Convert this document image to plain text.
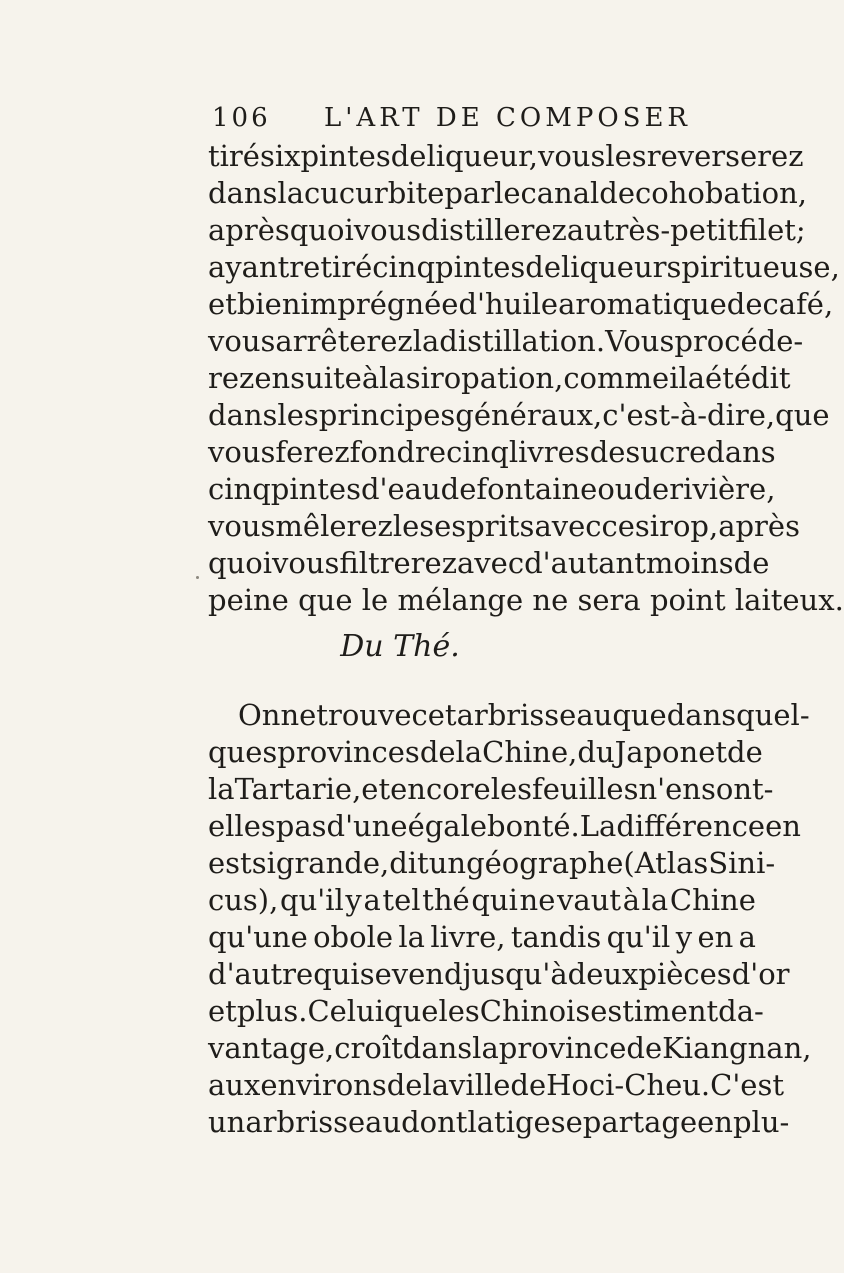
106 L'ART DE COMPOSER
tiré six pintes de liqueur, vous les reverserez
dans la cucurbite par le canal de cohobation ,
après quoi vous distillerez au très-petit filet;
ayant retiré cinq pintes de liqueur spiritueuse,
et bien imprégnée d'huile aromatique de café ,
vous arrêterez la distillation. Vous procéde-
rez ensuite à la siropation, comme il a été dit
dans les principes généraux, c'est-à-dire, que
vous ferez fondre cinq livres de sucre dans
cinq pintes d'eau de fontaine ou de rivière ,
vous mêlerez les esprits avec ce sirop, après
quoi vous filtrerez avec d'autant moins de
peine que le mélange ne sera point laiteux.
Du Thé.
On ne trouve cet arbrisseau que dans quel-
ques provinces de la Chine , du Japon et de
la Tartarie, et encore les feuilles n'en sont-
elles pas d'une égale bonté. La différence en
est si grande, dit un géographe (Atlas Sini-
cus), qu'il y a tel thé qui ne vaut à la Chine
qu'une obole la livre, tandis qu'il y en a
d'autre qui se vend jusqu'à deux pièces d'or
et plus. Celui que les Chinois estiment da-
vantage, croît dans la province de Kiangnan ,
aux environs de la ville de Hoci-Cheu. C'est
un arbrisseau dont la tige se partage en plu-
